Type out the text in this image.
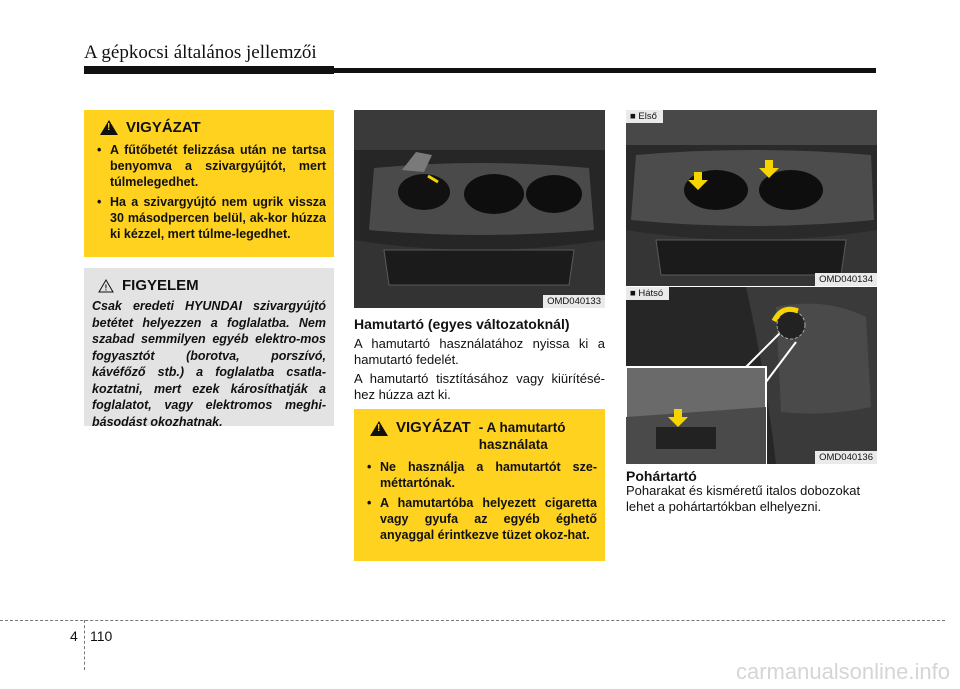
A gépkocsi általános jellemzői
!
VIGYÁZAT
• A fűtőbetét felizzása után ne tartsa benyomva a szivargyújtót, mert túlmelegedhet.
• Ha a szivargyújtó nem ugrik vissza 30 másodpercen belül, ak-kor húzza ki kézzel, mert túlme-legedhet.
! FIGYELEM
Csak eredeti HYUNDAI szivargyújtó betétet helyezzen a foglalatba. Nem szabad semmilyen egyéb elektro-mos fogyasztót (borotva, porszívó, kávéfőző stb.) a foglalatba csatla-koztatni, mert ezek károsíthatják a foglalatot, vagy elektromos meghi-básodást okozhatnak.
OMD040133
Hamutartó (egyes változatoknál)
A hamutartó használatához nyissa ki a hamutartó fedelét.
A hamutartó tisztításához vagy kiürítésé-hez húzza azt ki.
!
VIGYÁZAT - A hamutartó használata
• Ne használja a hamutartót sze-méttartónak.
• A hamutartóba helyezett cigaretta vagy gyufa az egyéb éghető anyaggal érintkezve tüzet okoz-hat.
■ Első
OMD040134
■ Hátsó
OMD040136
Pohártartó
Poharakat és kisméretű italos dobozokat lehet a pohártartókban elhelyezni.
4 110
carmanualsonline.info
